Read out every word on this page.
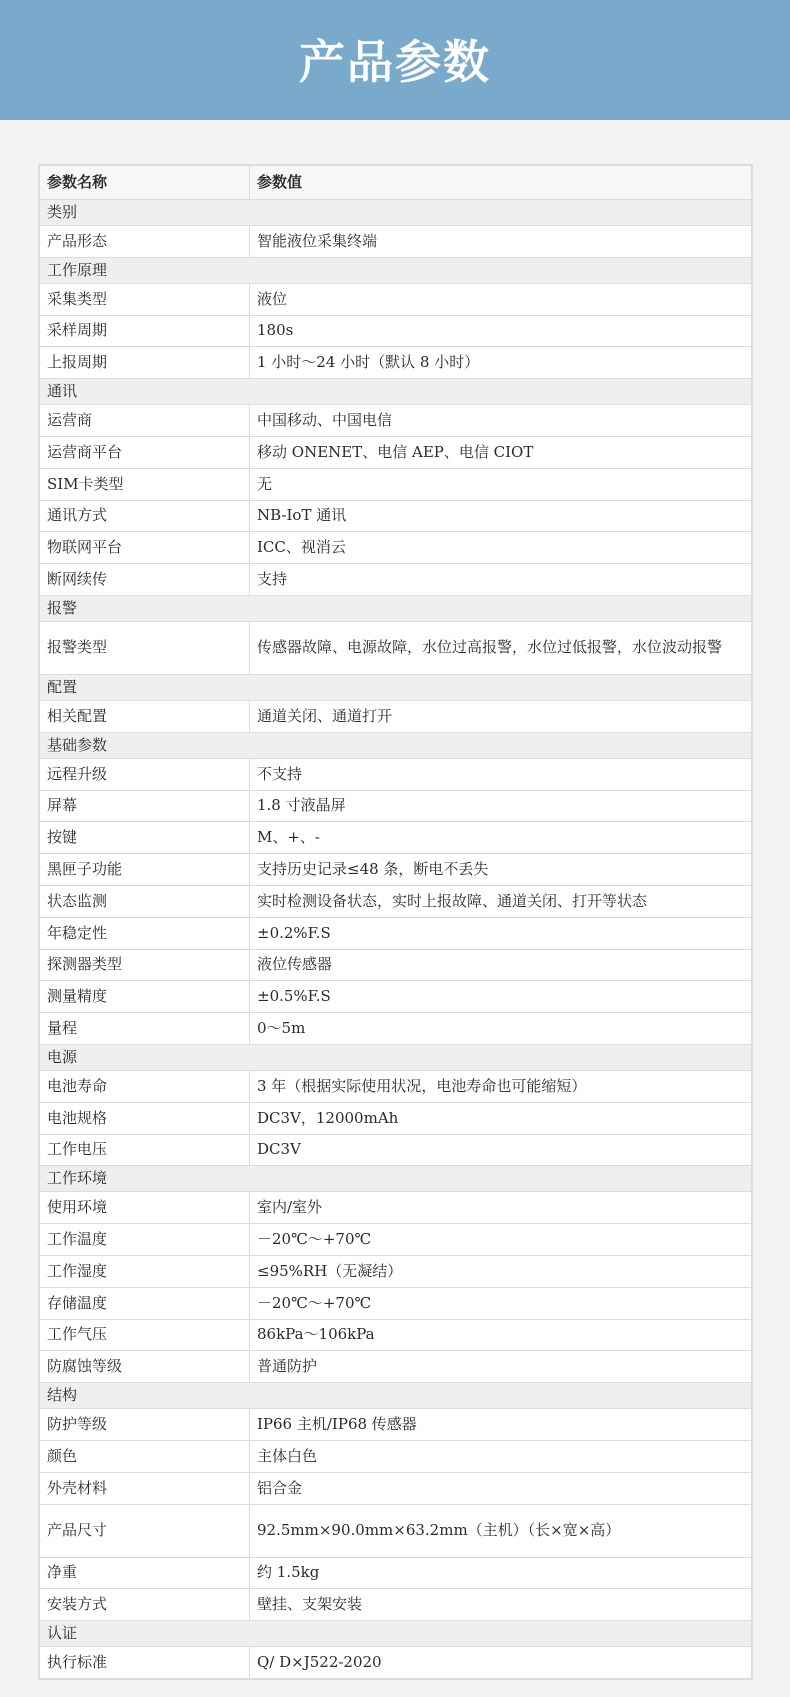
产品参数
参数名称	参数值
类别	
产品形态	智能液位采集终端
工作原理	
采集类型	液位
采样周期	180s
上报周期	1 小时～24 小时（默认 8 小时）
通讯	
运营商	中国移动、中国电信
运营商平台	移动 ONENET、电信 AEP、电信 CIOT
SIM卡类型	无
通讯方式	NB-IoT 通讯
物联网平台	ICC、视消云
断网续传	支持
报警	
报警类型	传感器故障、电源故障，水位过高报警，水位过低报警，水位波动报警
配置	
相关配置	通道关闭、通道打开
基础参数	
远程升级	不支持
屏幕	1.8 寸液晶屏
按键	M、+、-
黑匣子功能	支持历史记录≤48 条，断电不丢失
状态监测	实时检测设备状态，实时上报故障、通道关闭、打开等状态
年稳定性	±0.2%F.S
探测器类型	液位传感器
测量精度	±0.5%F.S
量程	0～5m
电源	
电池寿命	3 年（根据实际使用状况，电池寿命也可能缩短）
电池规格	DC3V，12000mAh
工作电压	DC3V
工作环境	
使用环境	室内/室外
工作温度	－20℃～+70℃
工作湿度	≤95%RH（无凝结）
存储温度	－20℃～+70℃
工作气压	86kPa～106kPa
防腐蚀等级	普通防护
结构	
防护等级	IP66 主机/IP68 传感器
颜色	主体白色
外壳材料	铝合金
产品尺寸	92.5mm×90.0mm×63.2mm（主机）（长×宽×高）
净重	约 1.5kg
安装方式	壁挂、支架安装
认证	
执行标准	Q/ D×J522-2020
